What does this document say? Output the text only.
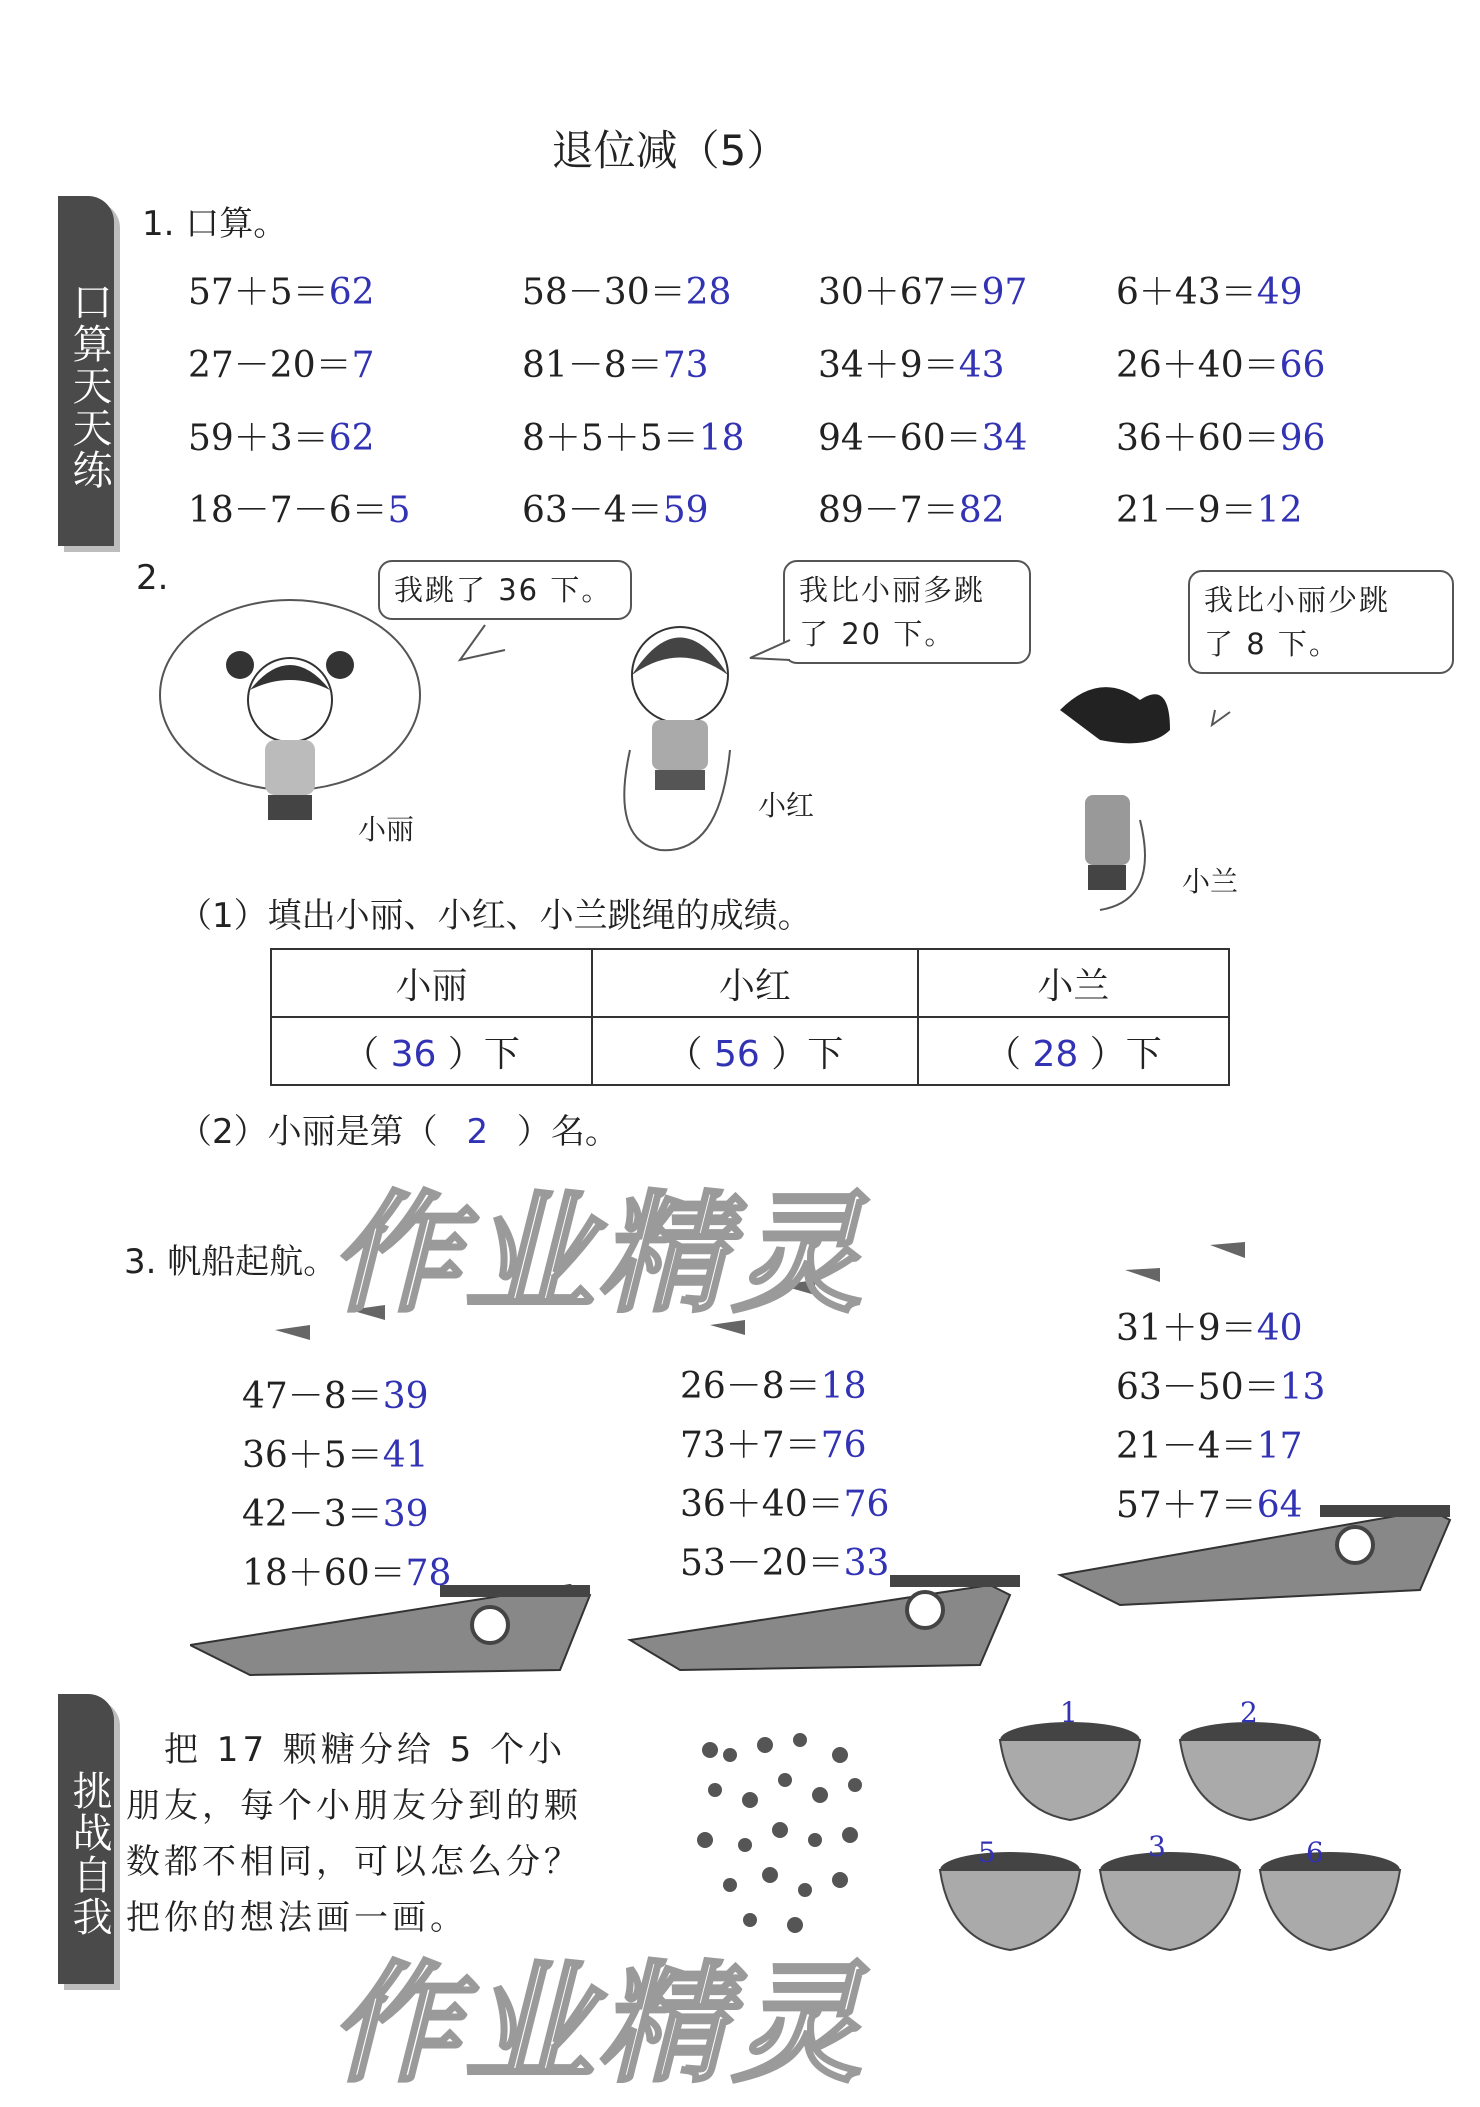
退位减（5）
口算天天练
1. 口算。
57＋5＝62	58－30＝28 30＋67＝97 6＋43＝49
27－20＝7	81－8＝73	34＋9＝43	26＋40＝66
59＋3＝62	8＋5＋5＝18 94－60＝34 36＋60＝96
18－7－6＝5	63－4＝59	89－7＝82	21－9＝12
2.	我跳了 36 下。	我比小丽多跳
了 20 下。
我比小丽少跳
了 8 下。
小丽
小红
小兰
（1）填出小丽、小红、小兰跳绳的成绩。
小丽	小红	小兰
（ 36 ）下	（ 56 ）下	（ 28 ）下
（2）小丽是第（ 2 ）名。
3. 帆船起航。
47－8＝39
36＋5＝41
42－3＝39
18＋60＝78
26－8＝18
73＋7＝76
36＋40＝76
53－20＝33
31＋9＝40
63－50＝13
21－4＝17
57＋7＝64
挑战自我
　把 17 颗糖分给 5 个小
朋友，每个小朋友分到的颗
数都不相同，可以怎么分？
把你的想法画一画。
1	2
5	3	6
作业精灵
作业精灵
